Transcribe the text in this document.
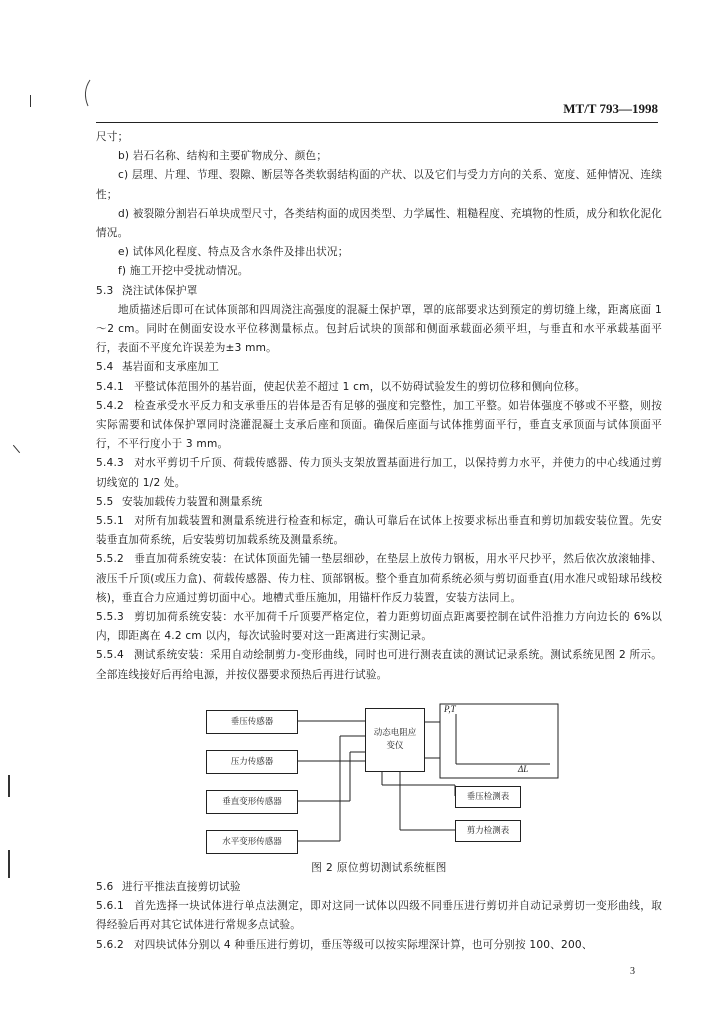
MT/T 793—1998

尺寸；

b) 岩石名称、结构和主要矿物成分、颜色；

c) 层理、片理、节理、裂隙、断层等各类软弱结构面的产状、以及它们与受力方向的关系、宽度、延伸情况、连续性；

d) 被裂隙分割岩石单块成型尺寸，各类结构面的成因类型、力学属性、粗糙程度、充填物的性质，成分和软化泥化情况。

e) 试体风化程度、特点及含水条件及排出状况；

f) 施工开挖中受扰动情况。

5.3 浇注试体保护罩

地质描述后即可在试体顶部和四周浇注高强度的混凝土保护罩，罩的底部要求达到预定的剪切缝上缘，距离底面 1～2 cm。同时在侧面安设水平位移测量标点。包封后试块的顶部和侧面承载面必须平坦，与垂直和水平承载基面平行，表面不平度允许误差为±3 mm。

5.4 基岩面和支承座加工

5.4.1 平整试体范围外的基岩面，使起伏差不超过 1 cm，以不妨碍试验发生的剪切位移和侧向位移。

5.4.2 检查承受水平反力和支承垂压的岩体是否有足够的强度和完整性，加工平整。如岩体强度不够或不平整，则按实际需要和试体保护罩同时浇灌混凝土支承后座和顶面。确保后座面与试体推剪面平行，垂直支承顶面与试体顶面平行，不平行度小于 3 mm。

5.4.3 对水平剪切千斤顶、荷载传感器、传力顶头支架放置基面进行加工，以保持剪力水平，并使力的中心线通过剪切线宽的 1/2 处。

5.5 安装加载传力装置和测量系统

5.5.1 对所有加载装置和测量系统进行检查和标定，确认可靠后在试体上按要求标出垂直和剪切加载安装位置。先安装垂直加荷系统，后安装剪切加载系统及测量系统。

5.5.2 垂直加荷系统安装：在试体顶面先铺一垫层细砂，在垫层上放传力钢板，用水平尺抄平，然后依次放滚轴排、液压千斤顶(或压力盒)、荷载传感器、传力柱、顶部钢板。整个垂直加荷系统必须与剪切面垂直(用水准尺或铅球吊线校核)，垂直合力应通过剪切面中心。地槽式垂压施加，用锚杆作反力装置，安装方法同上。

5.5.3 剪切加荷系统安装：水平加荷千斤顶要严格定位，着力距剪切面点距离要控制在试件沿推力方向边长的 6%以内，即距离在 4.2 cm 以内，每次试验时要对这一距离进行实测记录。

5.5.4 测试系统安装：采用自动绘制剪力-变形曲线，同时也可进行测表直读的测试记录系统。测试系统见图 2 所示。全部连线接好后再给电源，并按仪器要求预热后再进行试验。

垂压传感器
压力传感器
垂直变形传感器
水平变形传感器
动态电阻应变仪
垂压检测表
剪力检测表
P,T
ΔL
图 2 原位剪切测试系统框图

5.6 进行平推法直接剪切试验

5.6.1 首先选择一块试体进行单点法测定，即对这同一试体以四级不同垂压进行剪切并自动记录剪切一变形曲线，取得经验后再对其它试体进行常规多点试验。

5.6.2 对四块试体分别以 4 种垂压进行剪切，垂压等级可以按实际埋深计算，也可分别按 100、200、

3
